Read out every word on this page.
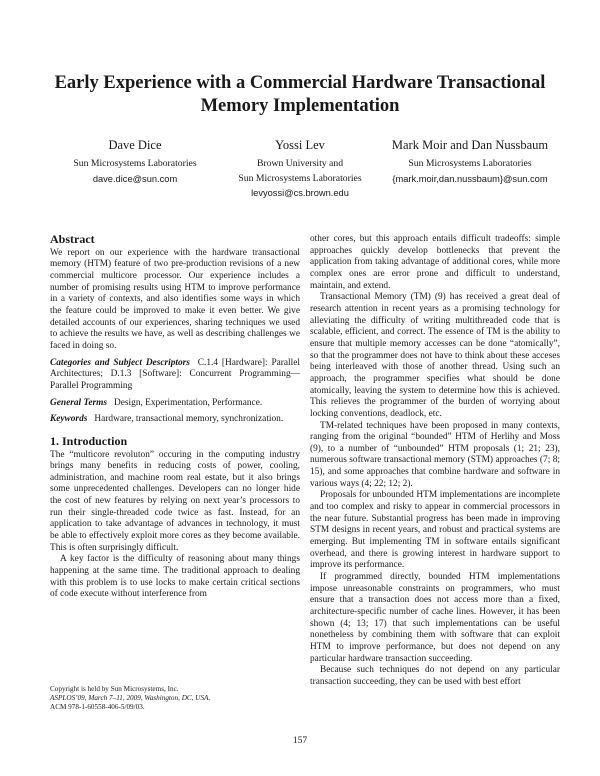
Early Experience with a Commercial Hardware Transactional Memory Implementation
Dave Dice
Sun Microsystems Laboratories
dave.dice@sun.com
Yossi Lev
Brown University and
Sun Microsystems Laboratories
levyossi@cs.brown.edu
Mark Moir and Dan Nussbaum
Sun Microsystems Laboratories
{mark.moir,dan.nussbaum}@sun.com
Abstract

We report on our experience with the hardware transactional memory (HTM) feature of two pre-production revisions of a new commercial multicore processor. Our experience includes a number of promising results using HTM to improve performance in a variety of contexts, and also identifies some ways in which the feature could be improved to make it even better. We give detailed accounts of our experiences, sharing techniques we used to achieve the results we have, as well as describing challenges we faced in doing so.

Categories and Subject Descriptors C.1.4 [Hardware]: Parallel Architectures; D.1.3 [Software]: Concurrent Programming—Parallel Programming

General Terms Design, Experimentation, Performance.

Keywords Hardware, transactional memory, synchronization.

1. Introduction

The “multicore revoluton” occuring in the computing industry brings many benefits in reducing costs of power, cooling, administration, and machine room real estate, but it also brings some unprecedented challenges. Developers can no longer hide the cost of new features by relying on next year’s processors to run their single-threaded code twice as fast. Instead, for an application to take advantage of advances in technology, it must be able to effectively exploit more cores as they become available. This is often surprisingly difficult.

A key factor is the difficulty of reasoning about many things happening at the same time. The traditional approach to dealing with this problem is to use locks to make certain critical sections of code execute without interference from

other cores, but this approach entails difficult tradeoffs: simple approaches quickly develop bottlenecks that prevent the application from taking advantage of additional cores, while more complex ones are error prone and difficult to understand, maintain, and extend.

Transactional Memory (TM) (9) has received a great deal of research attention in recent years as a promising technology for alleviating the difficulty of writing multithreaded code that is scalable, efficient, and correct. The essence of TM is the ability to ensure that multiple memory accesses can be done “atomically”, so that the programmer does not have to think about these acceses being interleaved with those of another thread. Using such an approach, the programmer specifies what should be done atomically, leaving the system to determine how this is achieved. This relieves the programmer of the burden of worrying about locking conventions, deadlock, etc.

TM-related techniques have been proposed in many contexts, ranging from the original “bounded” HTM of Herlihy and Moss (9), to a number of “unbounded” HTM proposals (1; 21; 23), numerous software transactional memory (STM) approaches (7; 8; 15), and some approaches that combine hardware and software in various ways (4; 22; 12; 2).

Proposals for unbounded HTM implementations are incomplete and too complex and risky to appear in commercial processors in the near future. Substantial progress has been made in improving STM designs in recent years, and robust and practical systems are emerging. But implementing TM in software entails significant overhead, and there is growing interest in hardware support to improve its performance.

If programmed directly, bounded HTM implementations impose unreasonable constraints on programmers, who must ensure that a transaction does not access more than a fixed, architecture-specific number of cache lines. However, it has been shown (4; 13; 17) that such implementations can be useful nonetheless by combining them with software that can exploit HTM to improve performance, but does not depend on any particular hardware transaction succeeding.

Because such techniques do not depend on any particular transaction succeeding, they can be used with best effort

Copyright is held by Sun Microsystems, Inc.
ASPLOS’09, March 7–11, 2009, Washington, DC, USA.
ACM 978-1-60558-406-5/09/03.
157
